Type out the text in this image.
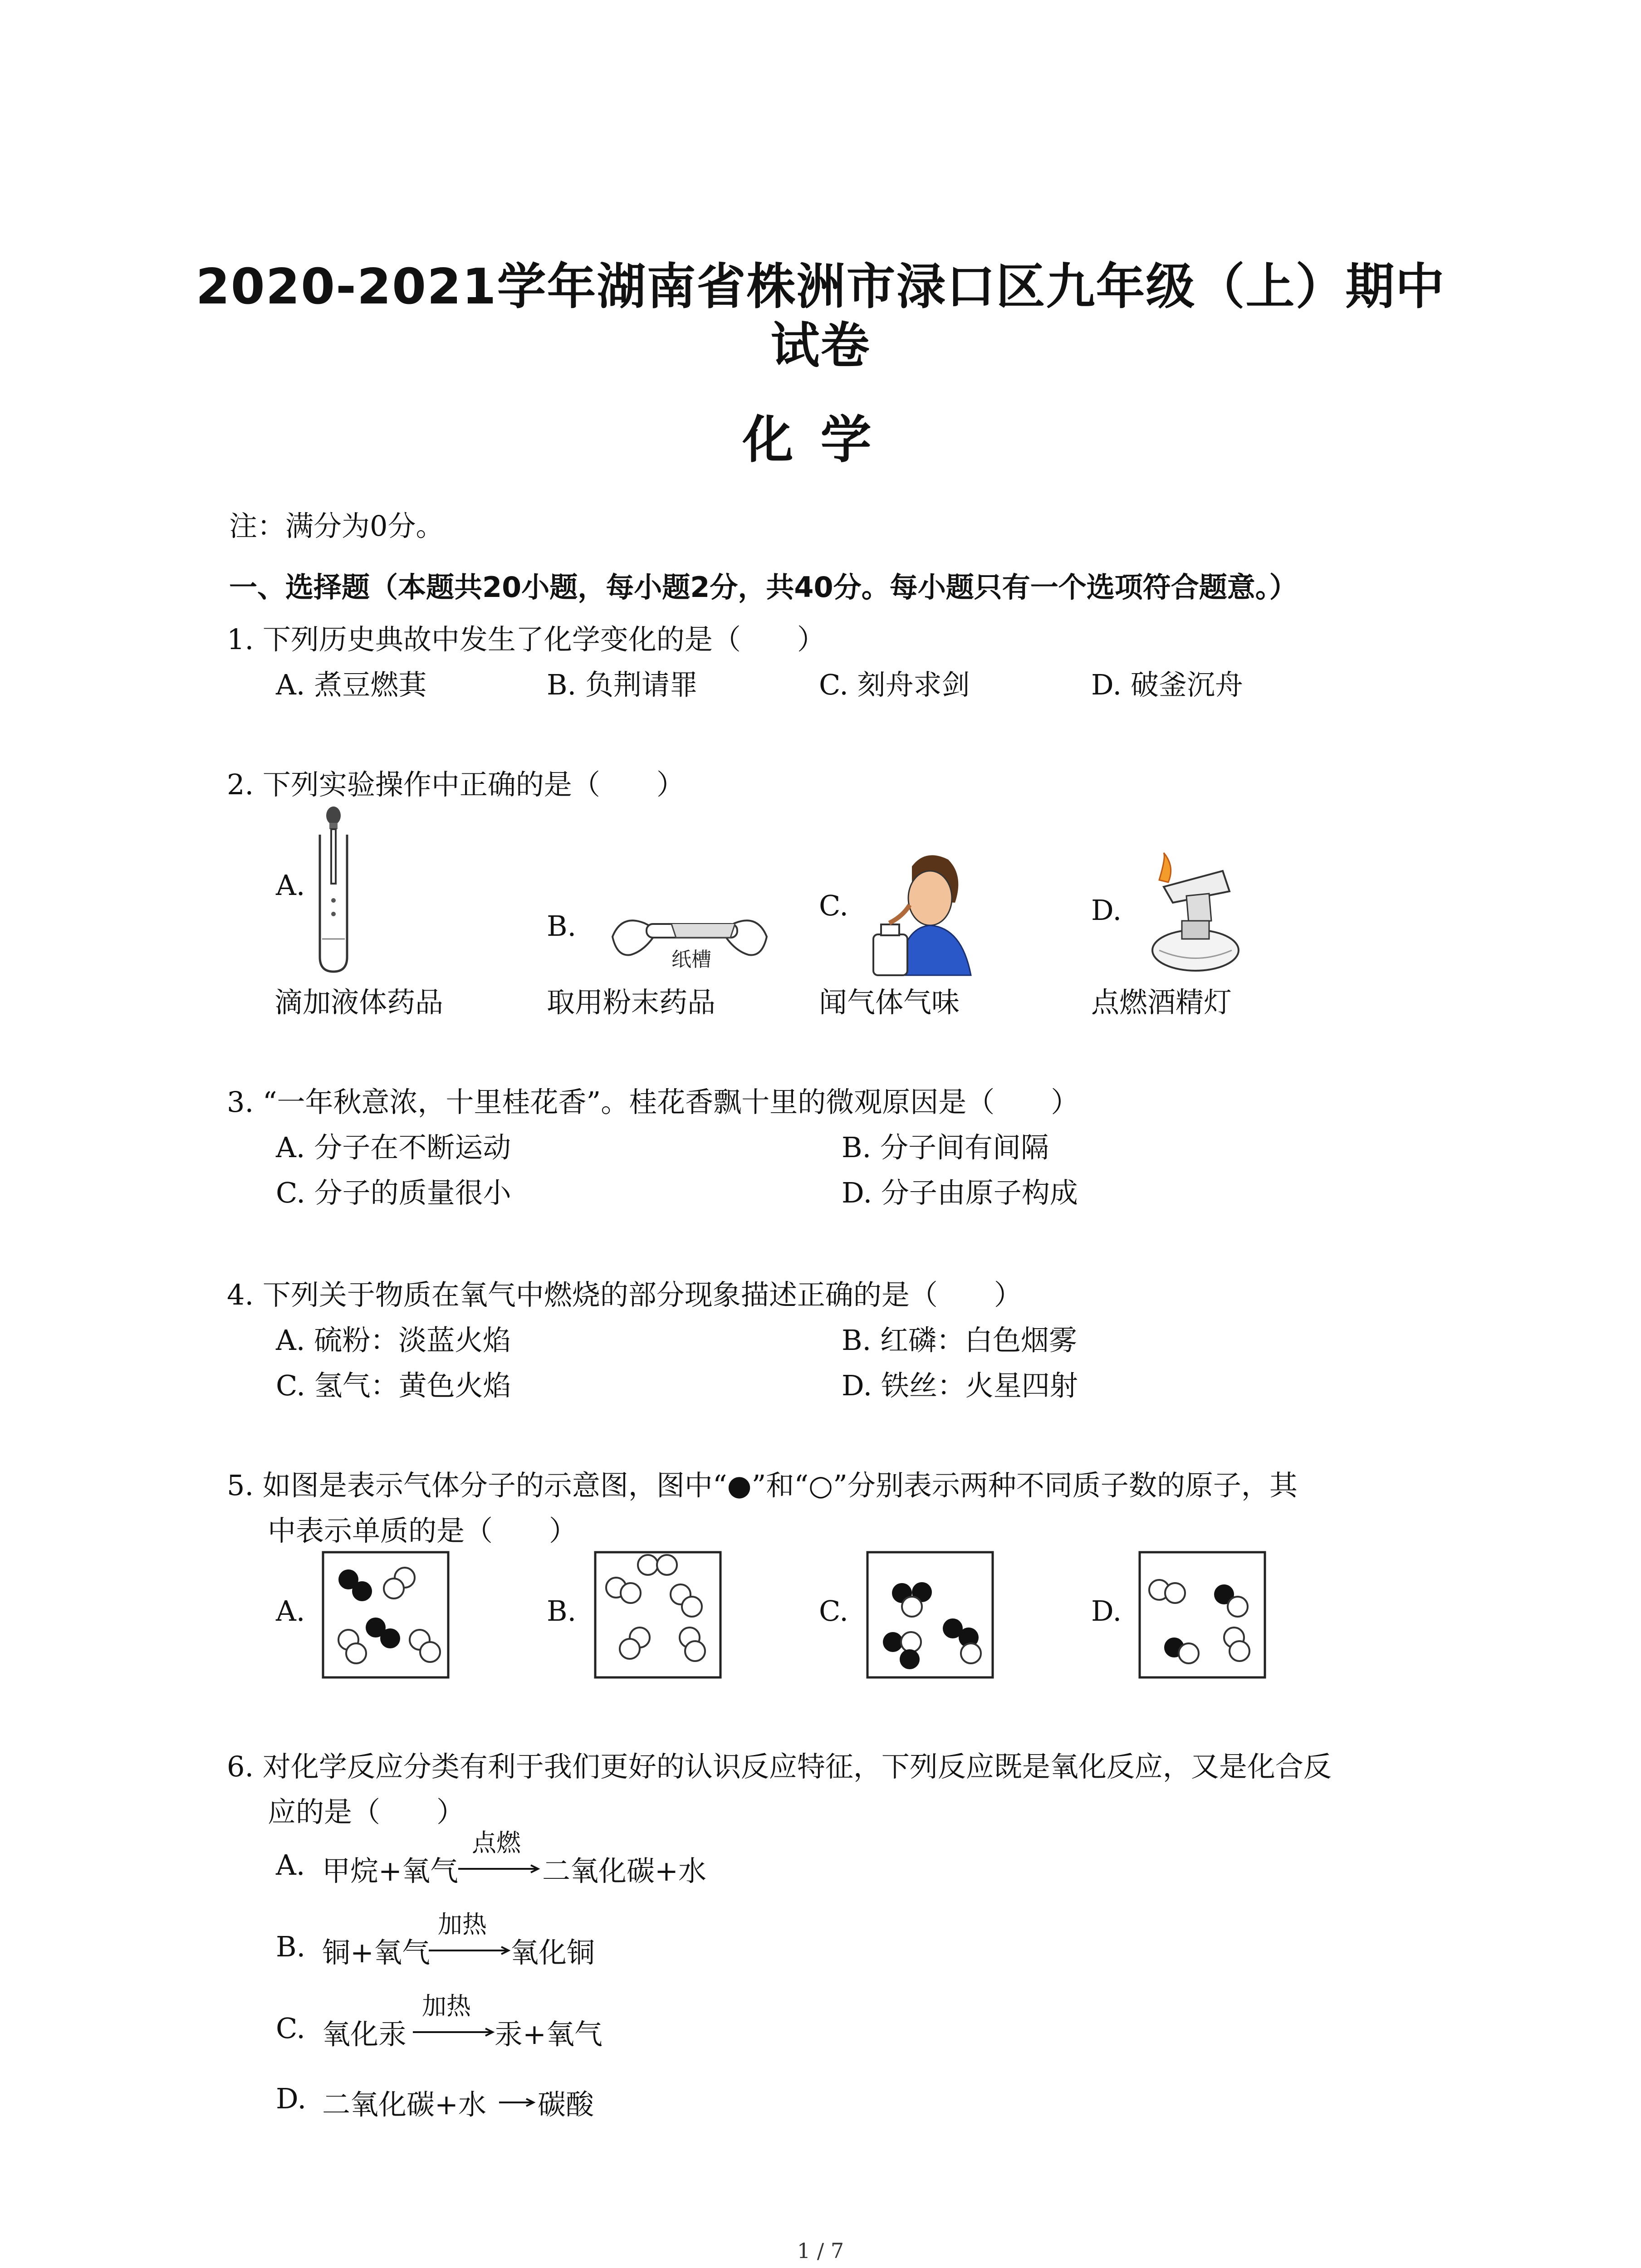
2020-2021学年湖南省株洲市渌口区九年级（上）期中
试卷
化学
注：满分为0分。
一、选择题（本题共20小题，每小题2分，共40分。每小题只有一个选项符合题意。）
1. 下列历史典故中发生了化学变化的是（　　）
A. 煮豆燃萁	B. 负荆请罪	C. 刻舟求剑	D. 破釜沉舟
2. 下列实验操作中正确的是（　　）
A.
B.
C.	D.
纸槽
滴加液体药品	取用粉末药品	闻气体气味	点燃酒精灯
3. “一年秋意浓，十里桂花香”。桂花香飘十里的微观原因是（　　）
A. 分子在不断运动	B. 分子间有间隔
C. 分子的质量很小	D. 分子由原子构成
4. 下列关于物质在氧气中燃烧的部分现象描述正确的是（　　）
A. 硫粉：淡蓝火焰	B. 红磷：白色烟雾
C. 氢气：黄色火焰	D. 铁丝：火星四射
5. 如图是表示气体分子的示意图，图中“●”和“○”分别表示两种不同质子数的原子，其
中表示单质的是（　　）
A.	B.	C.	D.
6. 对化学反应分类有利于我们更好的认识反应特征，下列反应既是氧化反应，又是化合反
应的是（　　）
A. 甲烷+氧气
点燃
二氧化碳+水
B. 铜+氧气
加热
氧化铜
C. 氧化汞
加热
汞+氧气
D. 二氧化碳+水 碳酸
1 / 7
